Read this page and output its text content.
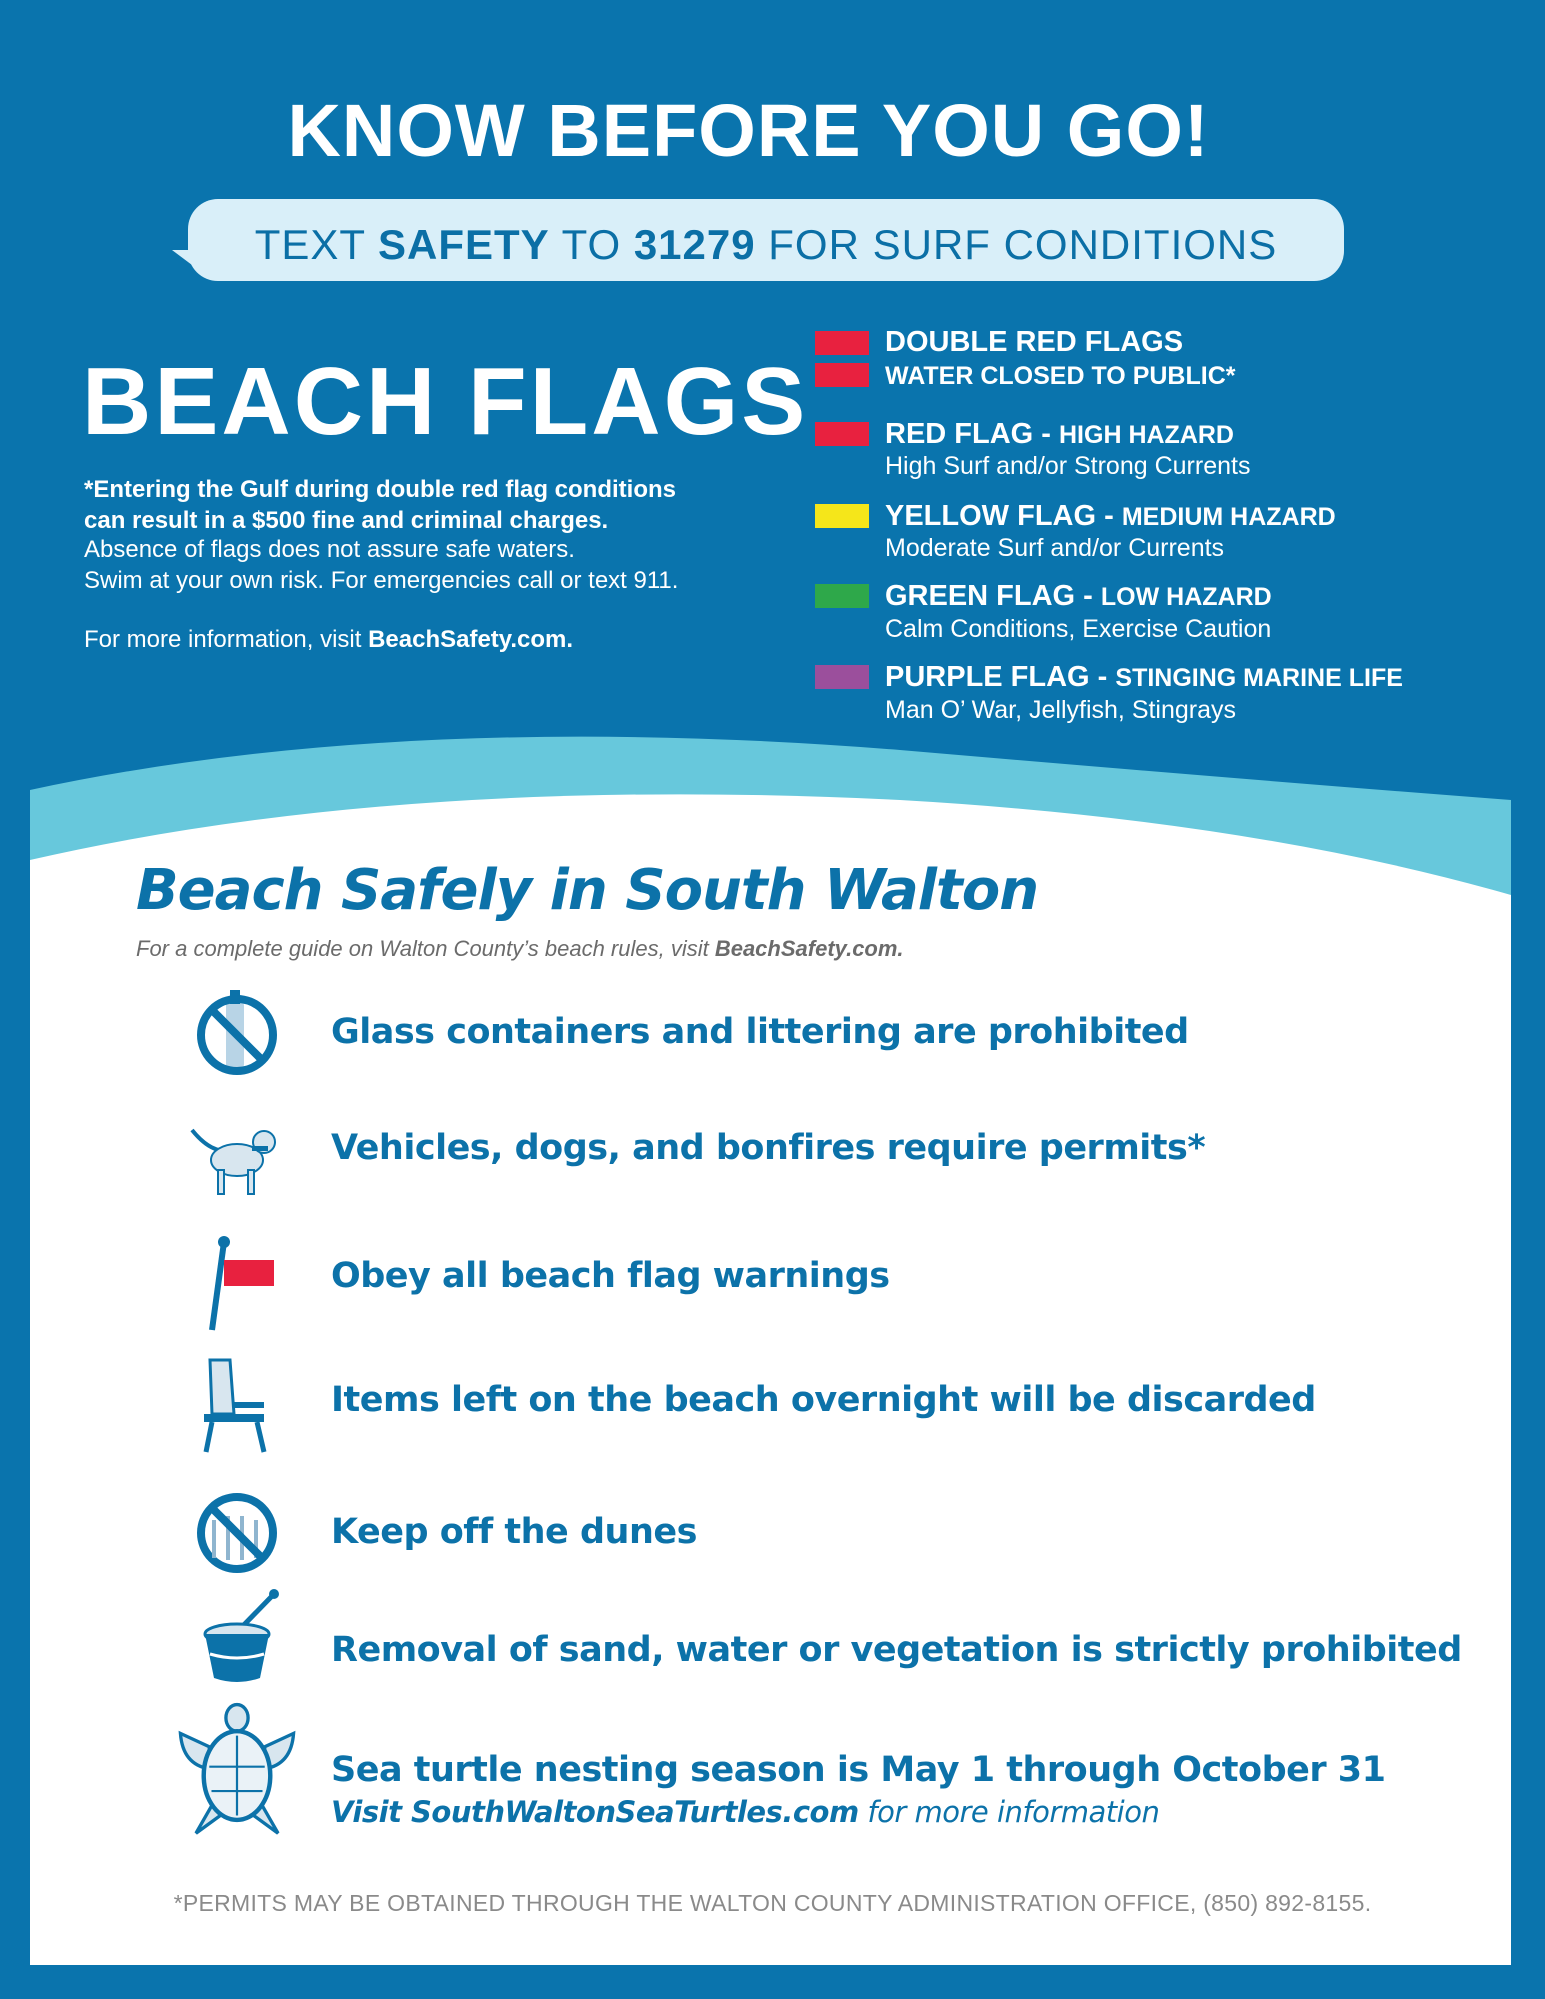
KNOW BEFORE YOU GO!
TEXT SAFETY TO 31279 FOR SURF CONDITIONS
BEACH FLAGS
*Entering the Gulf during double red flag conditions
can result in a $500 fine and criminal charges.
Absence of flags does not assure safe waters.
Swim at your own risk. For emergencies call or text 911.
For more information, visit BeachSafety.com.
DOUBLE RED FLAGS
WATER CLOSED TO PUBLIC*
RED FLAG - HIGH HAZARD
High Surf and/or Strong Currents
YELLOW FLAG - MEDIUM HAZARD
Moderate Surf and/or Currents
GREEN FLAG - LOW HAZARD
Calm Conditions, Exercise Caution
PURPLE FLAG - STINGING MARINE LIFE
Man O’ War, Jellyfish, Stingrays
Beach Safely in South Walton
For a complete guide on Walton County’s beach rules, visit BeachSafety.com.
Glass containers and littering are prohibited
Vehicles, dogs, and bonfires require permits*
Obey all beach flag warnings
Items left on the beach overnight will be discarded
Keep off the dunes
Removal of sand, water or vegetation is strictly prohibited
Sea turtle nesting season is May 1 through October 31
Visit SouthWaltonSeaTurtles.com for more information
*PERMITS MAY BE OBTAINED THROUGH THE WALTON COUNTY ADMINISTRATION OFFICE, (850) 892-8155.
